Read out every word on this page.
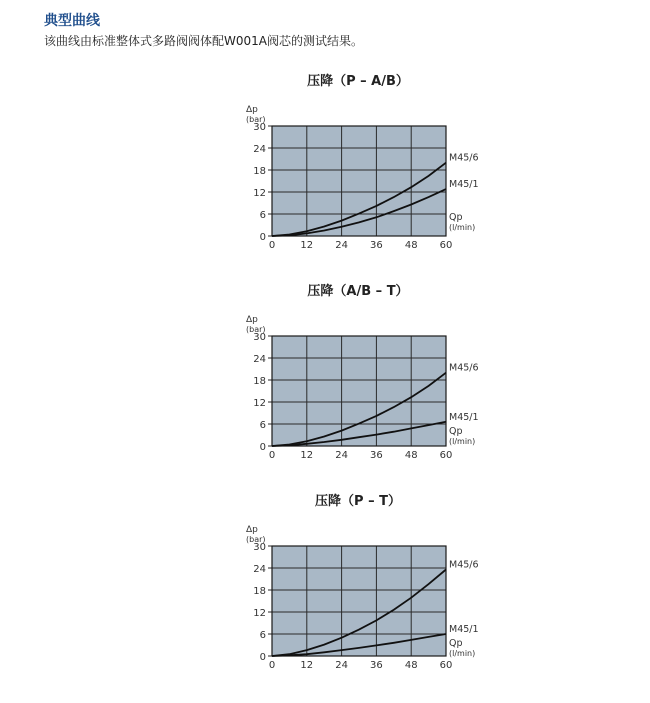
典型曲线
该曲线由标准整体式多路阀阀体配W001A阀芯的测试结果。
压降（P – A/B）
0	12 24 36 48 60
0
6
12
18
24
30
Δp
(bar)
M45/6
M45/1
Qp
(l/min)
压降（A/B – T）
0	12 24 36 48 60
0
6
12
18
24
30
Δp
(bar)
M45/6
M45/1
Qp
(l/min)
压降（P – T）
0	12 24 36 48 60
0
6
12
18
24
30
Δp
(bar)
M45/6
M45/1
Qp
(l/min)
